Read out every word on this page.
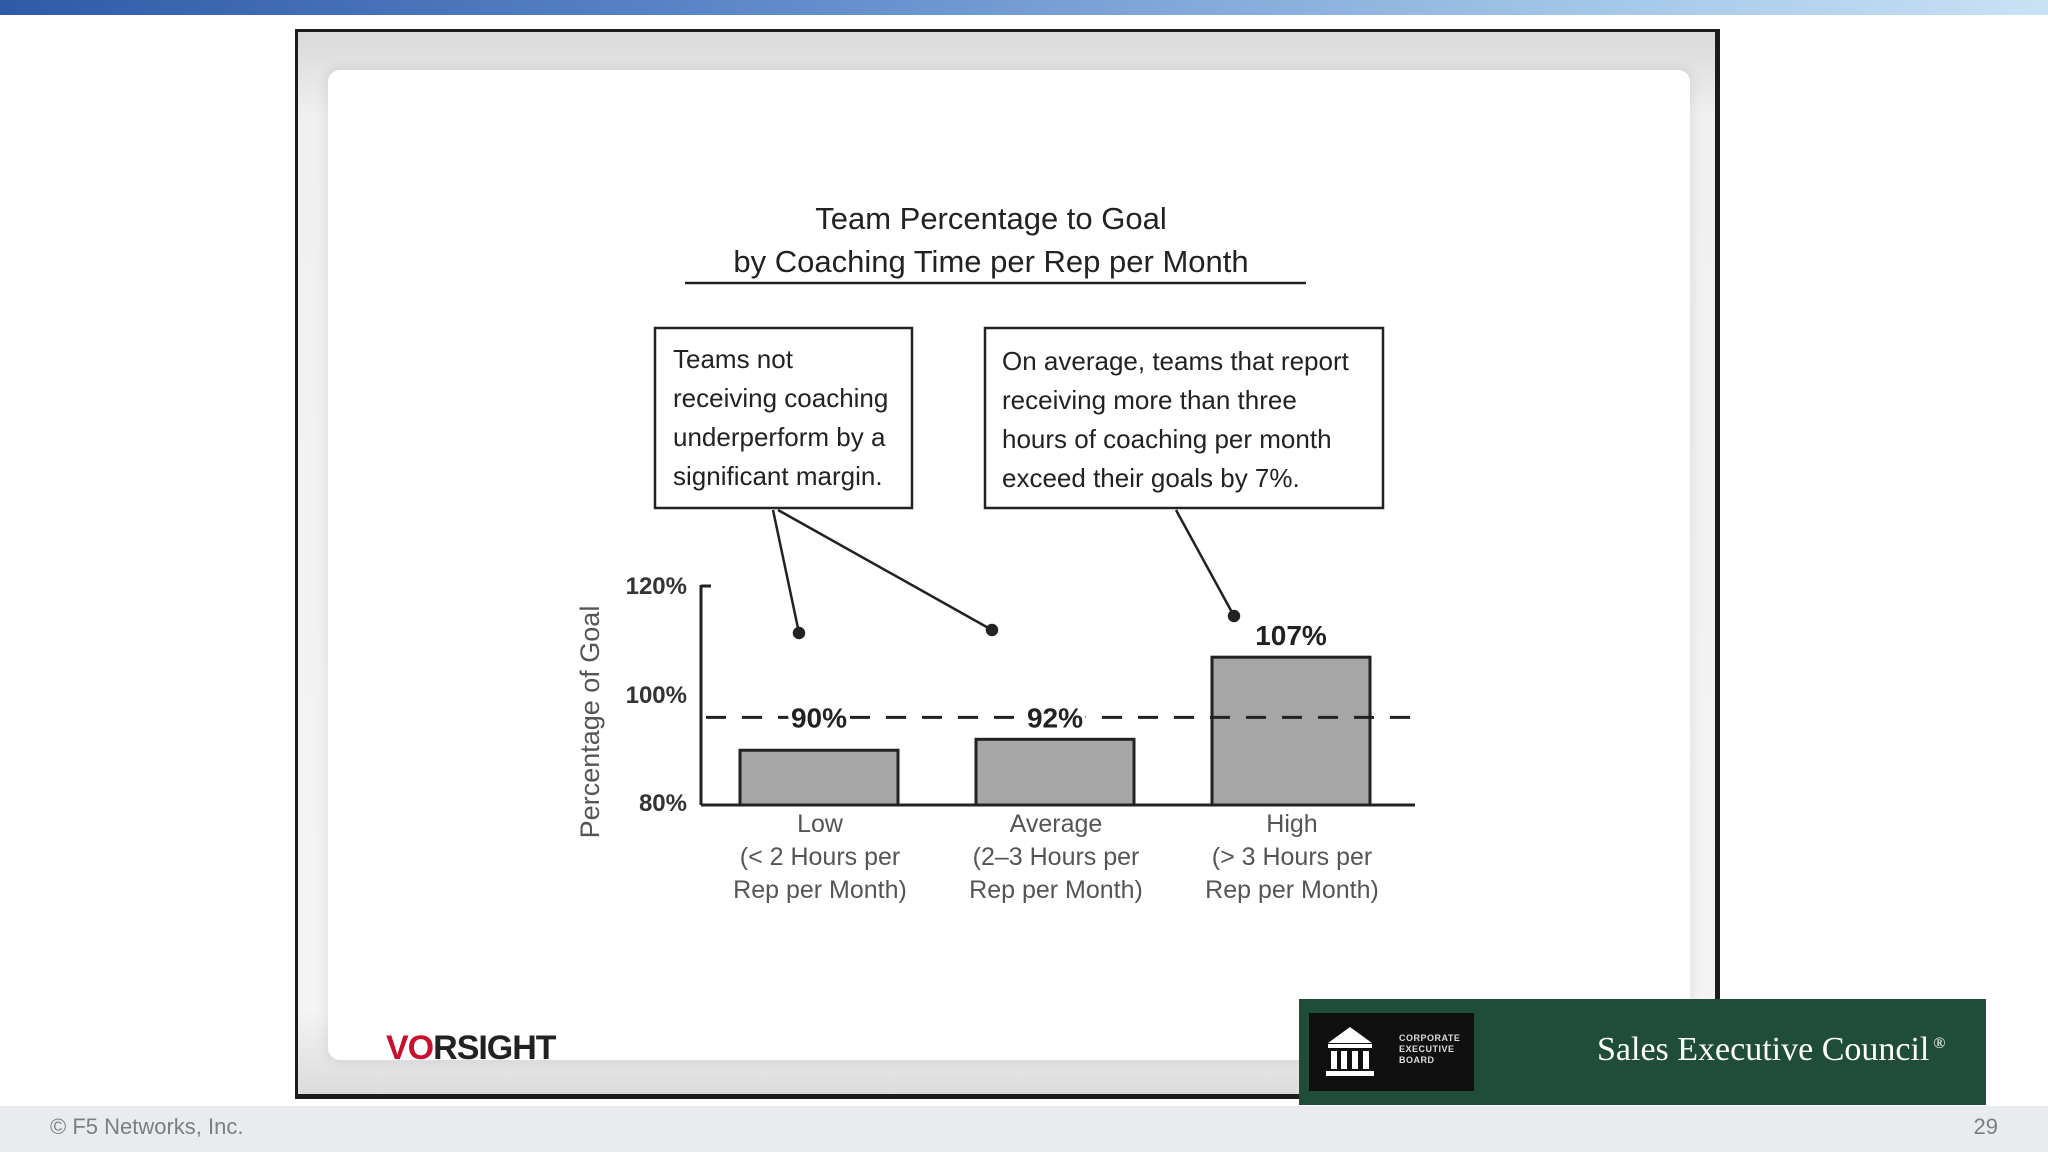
Team Percentage to Goal
by Coaching Time per Rep per Month
Teams not
receiving coaching
underperform by a
significant margin.
On average, teams that report
receiving more than three
hours of coaching per month
exceed their goals by 7%.
Percentage of Goal
120%
100%
80%
90%	92%
107%
Low
(< 2 Hours per
Rep per Month)
Average
(2–3 Hours per
Rep per Month)
High
(> 3 Hours per
Rep per Month)
VORSIGHT	CORPORATE
EXECUTIVE
BOARD	Sales Executive Council ®
© F5 Networks, Inc.	29
